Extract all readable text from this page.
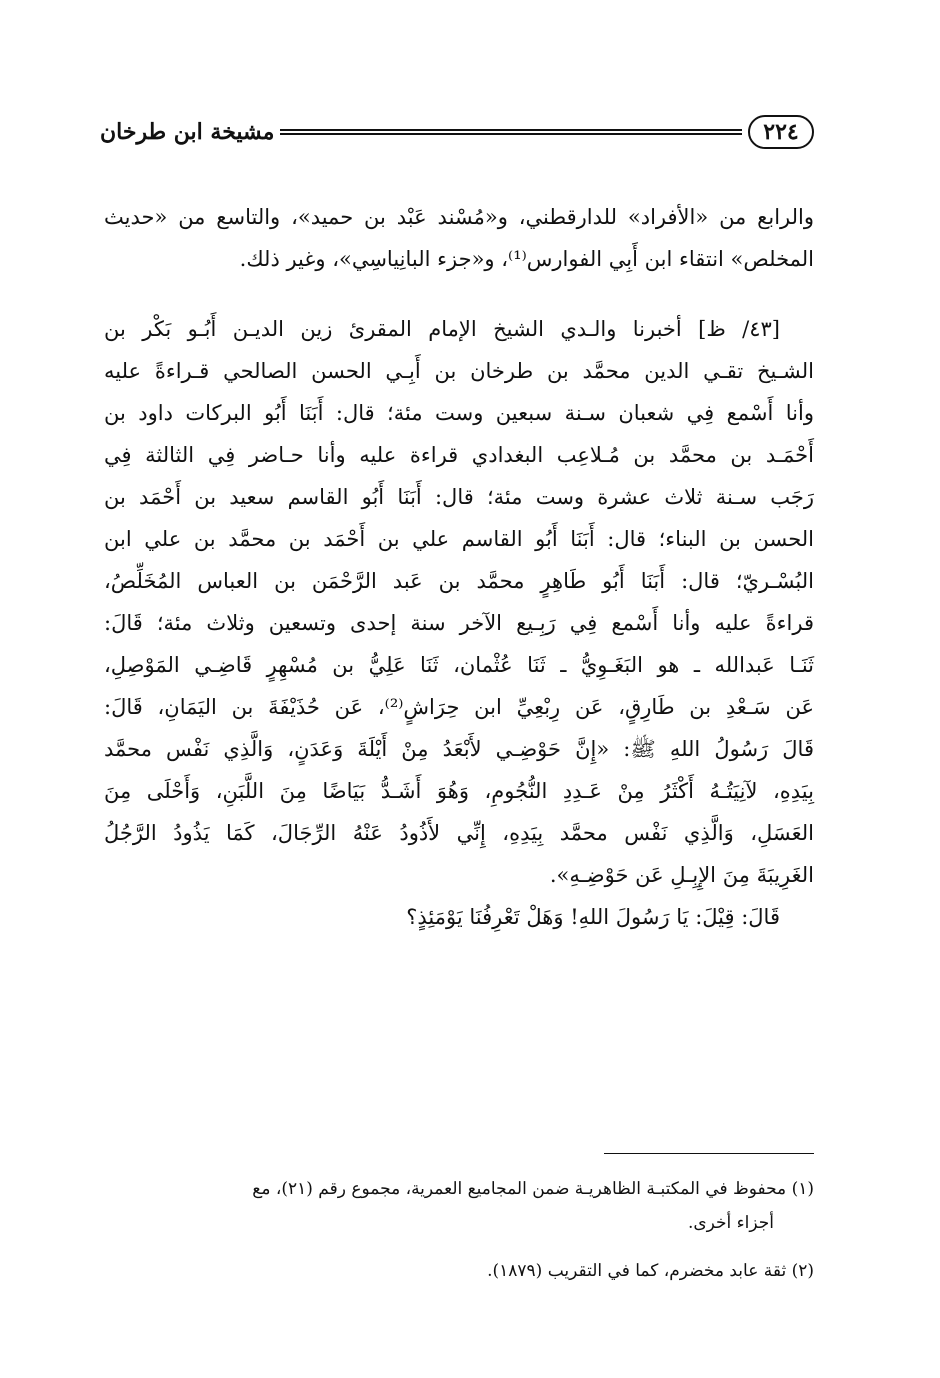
٢٢٤
مشيخة ابن طرخان
والرابع من «الأفراد» للدارقطني، و«مُسْند عَبْد بن حميد»، والتاسع من «حديث
المخلص» انتقاء ابن أَبِي الفوارس⁽¹⁾، و«جزء البانِياسِي»، وغير ذلك.
[٤٣/ ظ] أخبرنا والـدي الشيخ الإمام المقرئ زين الديـن أَبُـو بَكْر بن
الشـيخ تقـي الدين محمَّد بن طرخان بن أَبِـي الحسن الصالحي قـراءةً عليه
وأنا أَسْمع فِي شعبان سـنة سبعين وست مئة؛ قال: أَبَنَا أَبُو البركات داود بن
أَحْمَـد بن محمَّد بن مُـلاعِب البغدادي قراءة عليه وأنا حـاضر فِي الثالثة فِي
رَجَب سـنة ثلاث عشرة وست مئة؛ قال: أَبَنَا أَبُو القاسم سعيد بن أَحْمَد بن
الحسن بن البناء؛ قال: أَبَنَا أَبُو القاسم علي بن أَحْمَد بن محمَّد بن علي ابن
البُسْـريّ؛ قال: أَبَنَا أَبُو طَاهِرٍ محمَّد بن عَبد الرَّحْمَن بن العباس المُخَلِّصُ،
قراءةً عليه وأنا أَسْمع فِي رَبِـيع الآخر سنة إحدى وتسعين وثلاث مئة؛ قَالَ:
ثَنَـا عَبدالله ـ هو البَغَـوِيُّ ـ ثَنَا عُثْمان، ثَنَا عَلِيُّ بن مُسْهِرٍ قَاضِـي المَوْصِلِ،
عَن سَـعْدِ بن طَارِقٍ، عَن رِبْعِيِّ ابن حِرَاشٍ⁽²⁾، عَن حُذَيْفَةَ بن اليَمَانِ، قَالَ:
قَالَ رَسُولُ اللهِ ﷺ: «إِنَّ حَوْضِـي لأَبْعَدُ مِنْ أَيْلَةَ وَعَدَنٍ، وَالَّذِي نَفْس محمَّد
بِيَدِهِ، لآنِيَتُـهُ أَكْثَرُ مِنْ عَـدِدِ النُّجُومِ، وَهُوَ أَشَـدُّ بَيَاضًا مِنَ اللَّبَنِ، وَأَحْلَى مِنَ
العَسَلِ، وَالَّذِي نَفْس محمَّد بِيَدِهِ، إِنِّي لأَذُودُ عَنْهُ الرِّجَالَ، كَمَا يَذُودُ الرَّجُلُ
الغَرِيبَةَ مِنَ الإِبِـلِ عَن حَوْضِـهِ».
قَالَ: قِيْلَ: يَا رَسُولَ اللهِ! وَهَلْ تَعْرِفُنَا يَوْمَئِذٍ؟
(١) محفوظ في المكتبـة الظاهريـة ضمن المجاميع العمرية، مجموع رقم (٢١)، مع
أجزاء أخرى.
(٢) ثقة عابد مخضرم، كما في التقريب (١٨٧٩).
